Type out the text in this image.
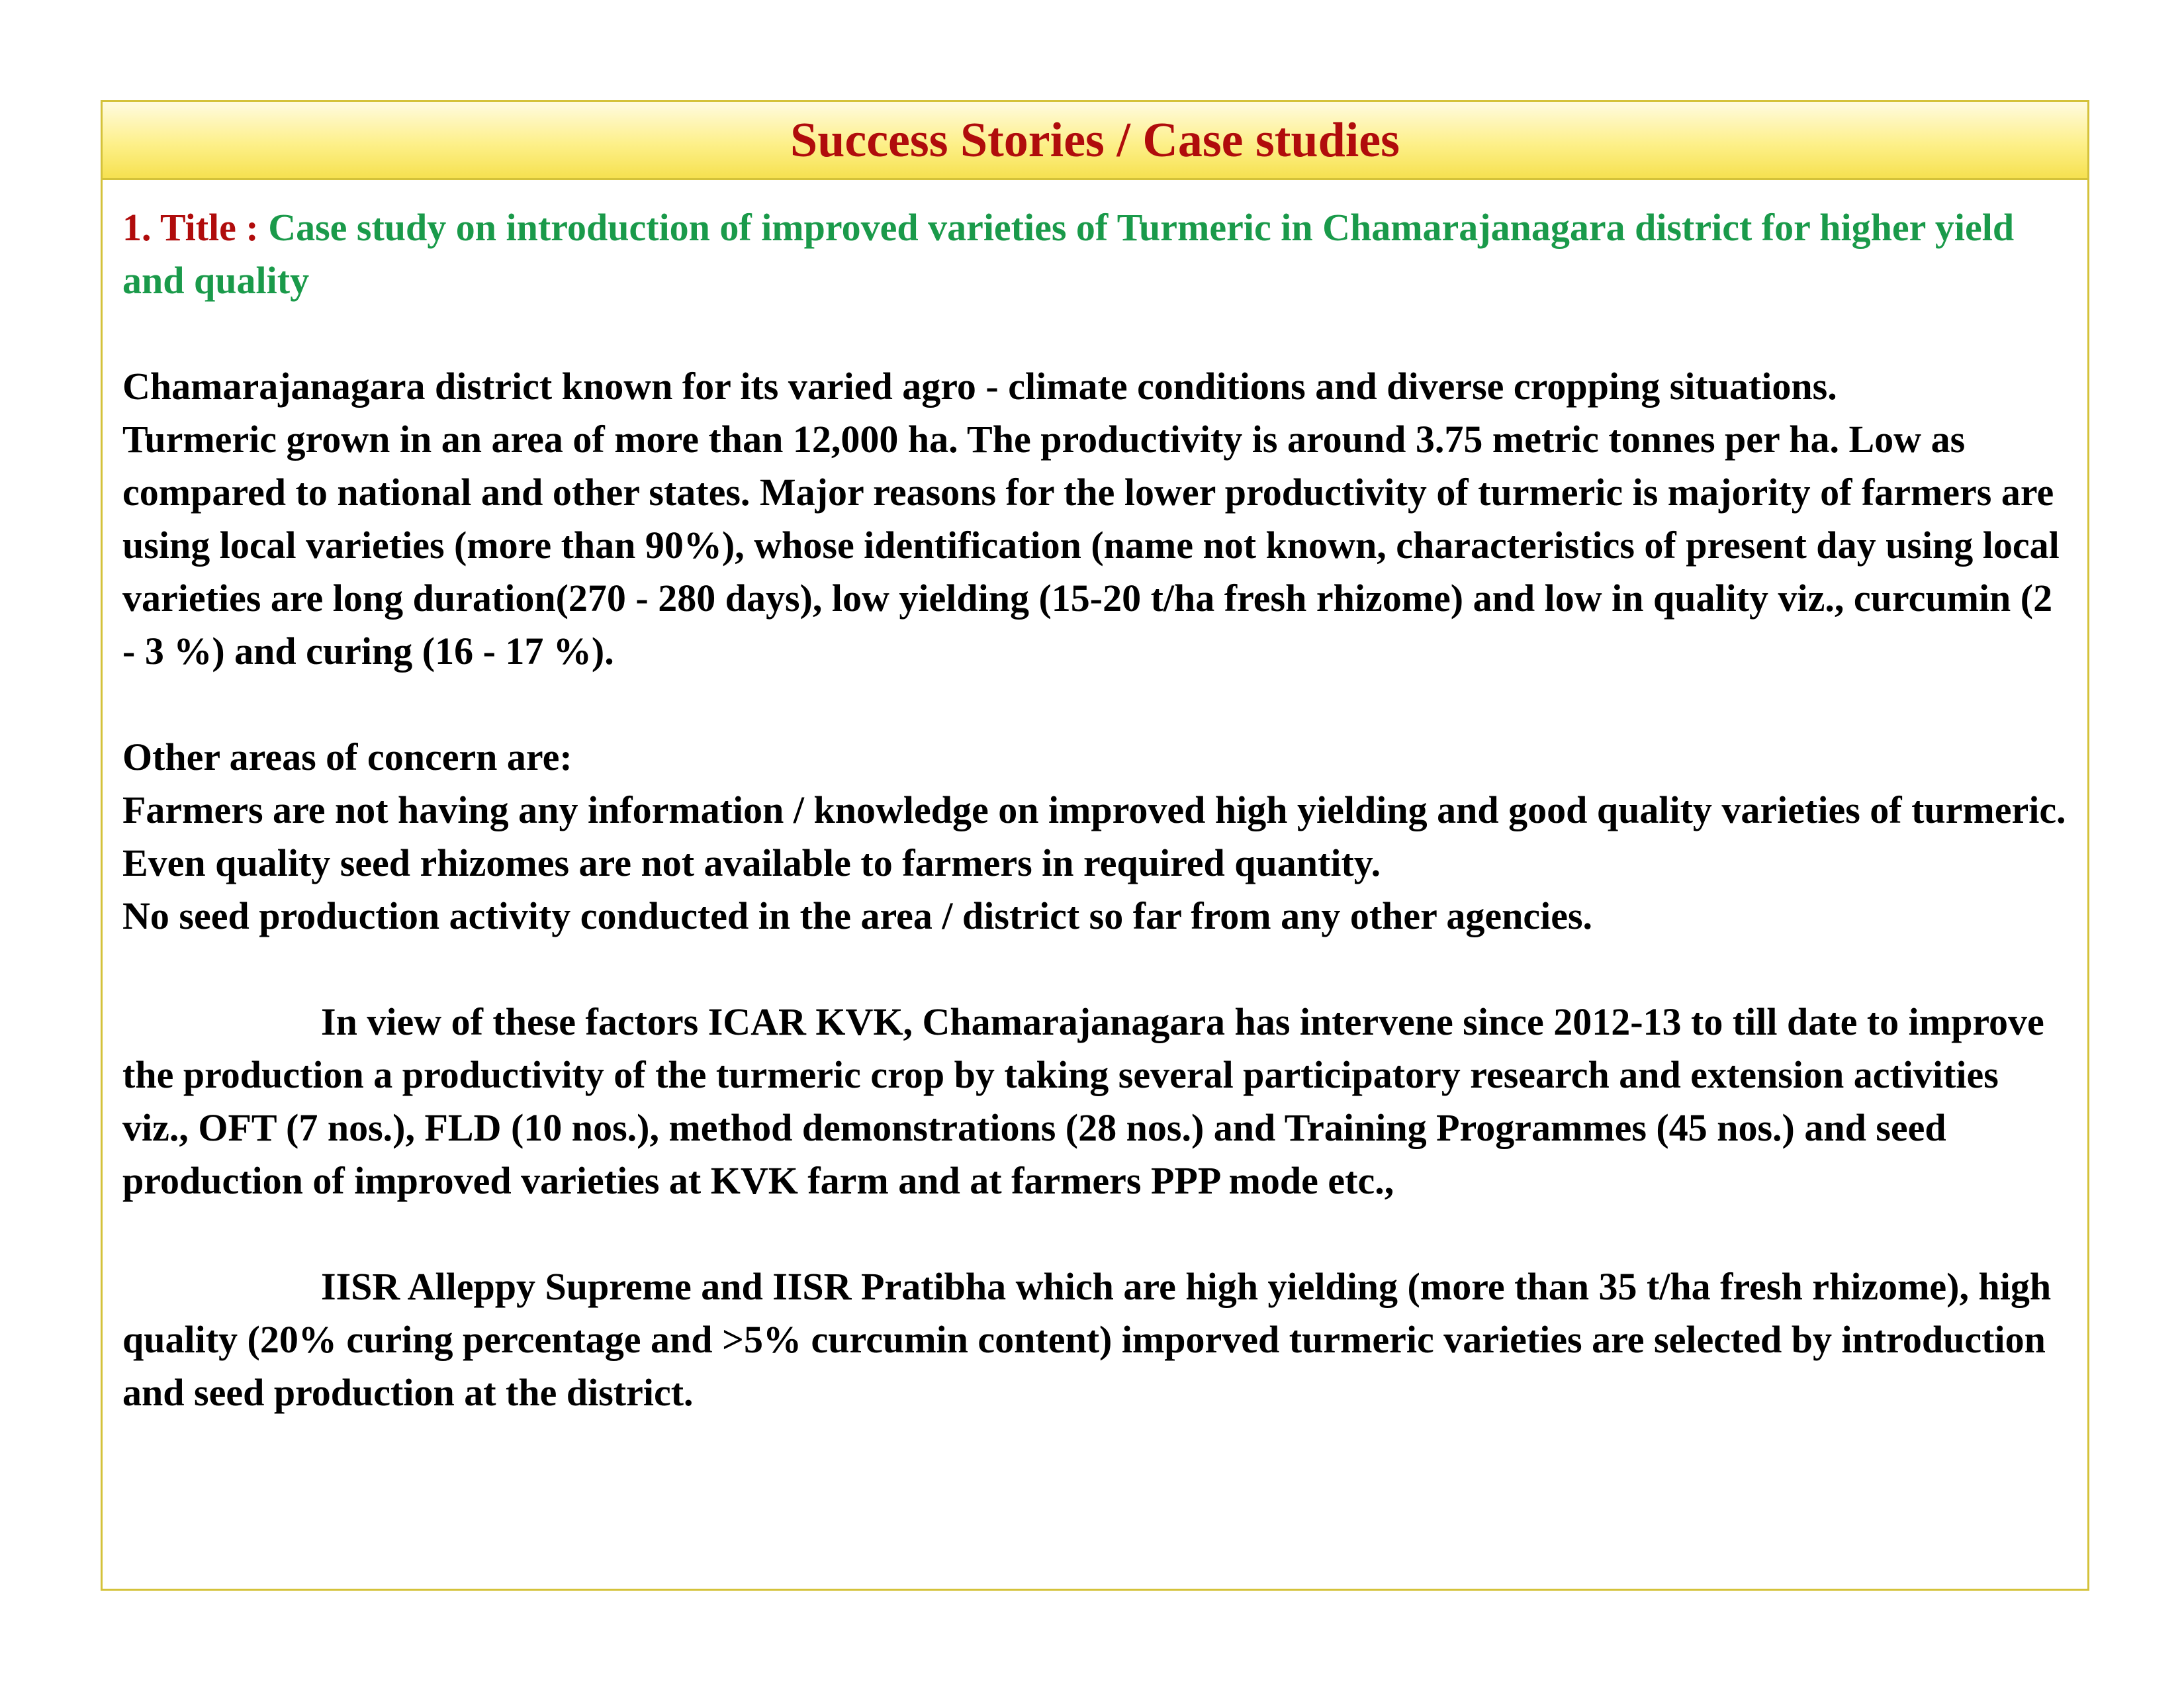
Success Stories / Case studies

1. Title : Case study on introduction of improved varieties of Turmeric in Chamarajanagara district for higher yield and quality

Chamarajanagara district known for its varied agro - climate conditions and diverse cropping situations.

Turmeric grown in an area of more than 12,000 ha. The productivity is around 3.75 metric tonnes per ha. Low as compared to national and other states. Major reasons for the lower productivity of turmeric is majority of farmers are using local varieties (more than 90%), whose identification (name not known, characteristics of present day using local varieties are long duration(270 - 280 days), low yielding (15-20 t/ha fresh rhizome) and low in quality viz., curcumin (2 - 3 %) and curing (16 - 17 %).

Other areas of concern are:

Farmers are not having any information / knowledge on improved high yielding and good quality varieties of turmeric.

Even quality seed rhizomes are not available to farmers in required quantity.

No seed production activity conducted in the area / district so far from any other agencies.

In view of these factors ICAR KVK, Chamarajanagara has intervene since 2012-13 to till date to improve the production a productivity of the turmeric crop by taking several participatory research and extension activities viz., OFT (7 nos.), FLD (10 nos.), method demonstrations (28 nos.) and Training Programmes (45 nos.) and seed production of improved varieties at KVK farm and at farmers PPP mode etc.,

IISR Alleppy Supreme and IISR Pratibha which are high yielding (more than 35 t/ha fresh rhizome), high quality (20% curing percentage and >5% curcumin content) imporved turmeric varieties are selected by introduction and seed production at the district.
